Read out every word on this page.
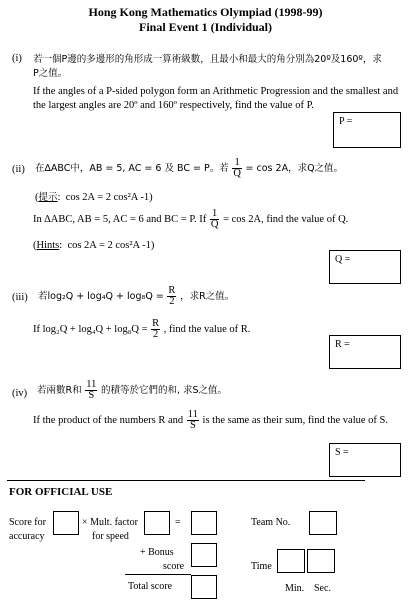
Hong Kong Mathematics Olympiad (1998-99)
Final Event 1 (Individual)
(i) 若一個P邊的多邊形的角形成一算術級數，且最小和最大的角分別為20º及160º，求P之值。
If the angles of a P-sided polygon form an Arithmetic Progression and the smallest and
the largest angles are 20º and 160º respectively, find the value of P.
P =
(ii) 在∆ABC中，AB = 5, AC = 6 及 BC = P。若 $\frac{1}{Q} = \cos 2A$，求Q之值。
(提示:  cos 2A = 2 cos²A -1)
In ∆ABC, AB = 5, AC = 6 and BC = P. If $\frac{1}{Q} = \cos 2A$, find the value of Q.
(Hints:  cos 2A = 2 cos²A -1)
Q =
(iii) 若$\log_2Q + \log_4Q + \log_8Q = \frac{R}{2}$ ，求R之值。
If $\log_2Q + \log_4Q + \log_8Q = \frac{R}{2}$ , find the value of R.
R =
(iv) 若兩數R和 $\frac{11}{S}$ 的積等於它們的和, 求S之值。
If the product of the numbers R and $\frac{11}{S}$ is the same as their sum, find the value of S.
S =
FOR OFFICIAL USE
Score for
accuracy
× Mult. factor
for speed
=	Team No.
+ Bonus
score	Time
Total score	Min. Sec.
